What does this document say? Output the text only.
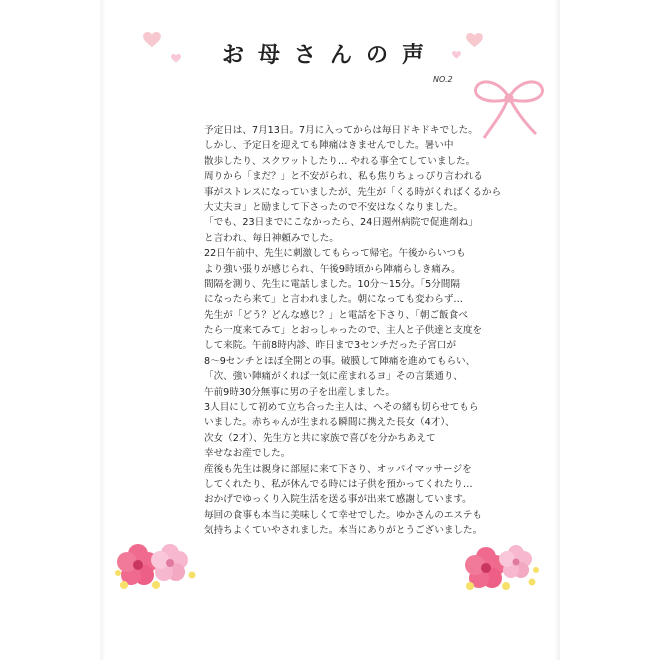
お母さんの声
NO.2
予定日は、7月13日。7月に入ってからは毎日ドキドキでした。
しかし、予定日を迎えても陣痛はきませんでした。暑い中
散歩したり、スクワットしたり… やれる事全てしていました。
周りから「まだ？」と不安がられ、私も焦りちょっぴり言われる
事がストレスになっていましたが、先生が「くる時がくればくるから
大丈夫ヨ」と励まして下さったので不安はなくなりました。
「でも、23日までにこなかったら、24日週州病院で促進剤ね」
と言われ、毎日神頼みでした。
22日午前中、先生に刺激してもらって帰宅。午後からいつも
より強い張りが感じられ、午後9時頃から陣痛らしき痛み。
間隔を測り、先生に電話しました。10分〜15分。「5分間隔
になったら来て」と言われました。朝になっても変わらず…
先生が「どう？どんな感じ？」と電話を下さり、「朝ご飯食べ
たら一度来てみて」とおっしゃったので、主人と子供達と支度を
して来院。午前8時内診、昨日まで3センチだった子宮口が
8〜9センチとほぼ全開との事。破膜して陣痛を進めてもらい、
「次、強い陣痛がくれば一気に産まれるヨ」その言葉通り、
午前9時30分無事に男の子を出産しました。
3人目にして初めて立ち合った主人は、へその緒も切らせてもら
いました。赤ちゃんが生まれる瞬間に携えた長女（4才）、
次女（2才）、先生方と共に家族で喜びを分かちあえて
幸せなお産でした。
産後も先生は親身に部屋に来て下さり、オッパイマッサージを
してくれたり、私が休んでる時には子供を預かってくれたり…
おかげでゆっくり入院生活を送る事が出来て感謝しています。
毎回の食事も本当に美味しくて幸せでした。ゆかさんのエステも
気持ちよくていやされました。本当にありがとうございました。
